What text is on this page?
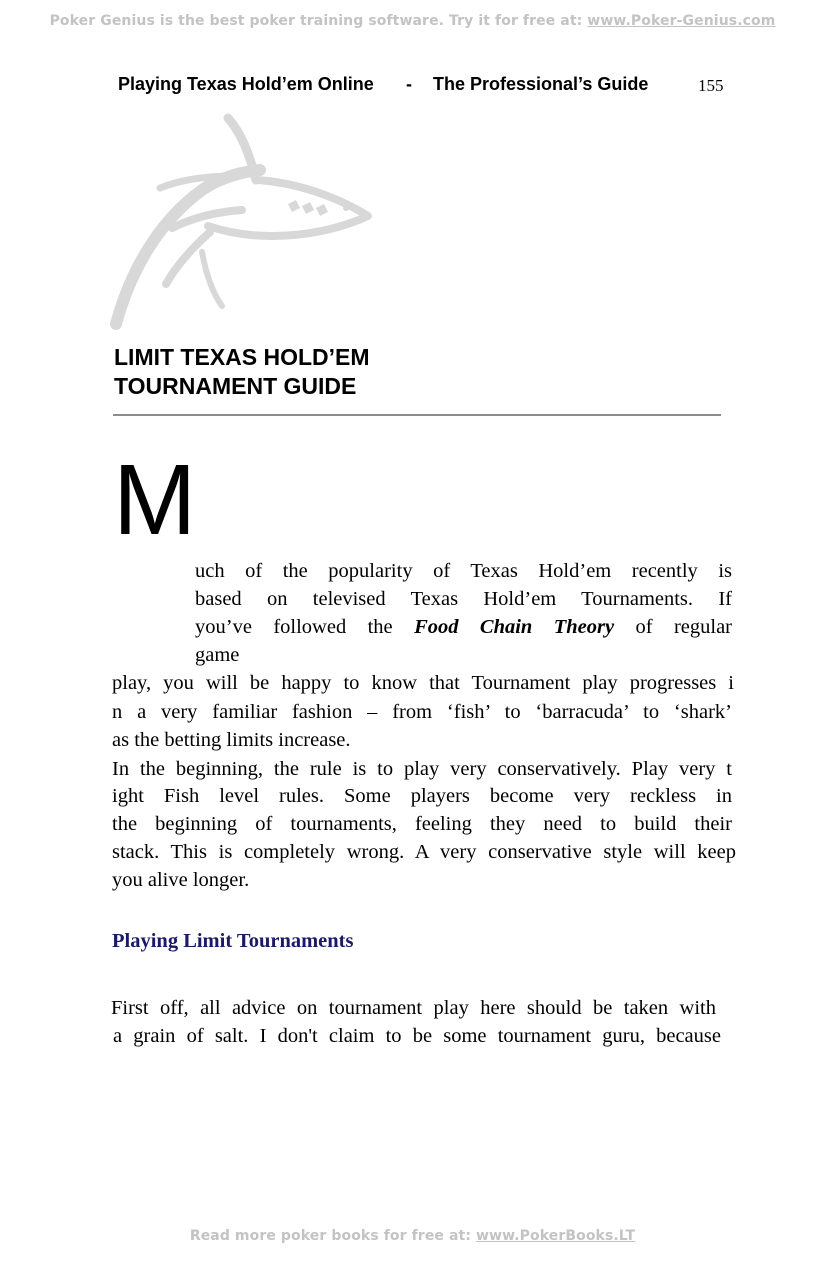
Poker Genius is the best poker training software. Try it for free at: www.Poker-Genius.com
Playing Texas Hold’em Online - The Professional’s Guide	155
LIMIT TEXAS HOLD’EM
TOURNAMENT GUIDE
M
uch of the popularity of Texas Hold’em recently is
based on televised Texas Hold’em Tournaments. If
you’ve followed the Food Chain Theory of regular
game
play, you will be happy to know that Tournament play progresses i
n a very familiar fashion – from ‘fish’ to ‘barracuda’ to ‘shark’
as the betting limits increase.
In the beginning, the rule is to play very conservatively. Play very t
ight Fish level rules. Some players become very reckless in
the beginning of tournaments, feeling they need to build their
stack. This is completely wrong. A very conservative style will keep
you alive longer.
Playing Limit Tournaments
First off, all advice on tournament play here should be taken with
a grain of salt. I don't claim to be some tournament guru, because
Read more poker books for free at: www.PokerBooks.LT
